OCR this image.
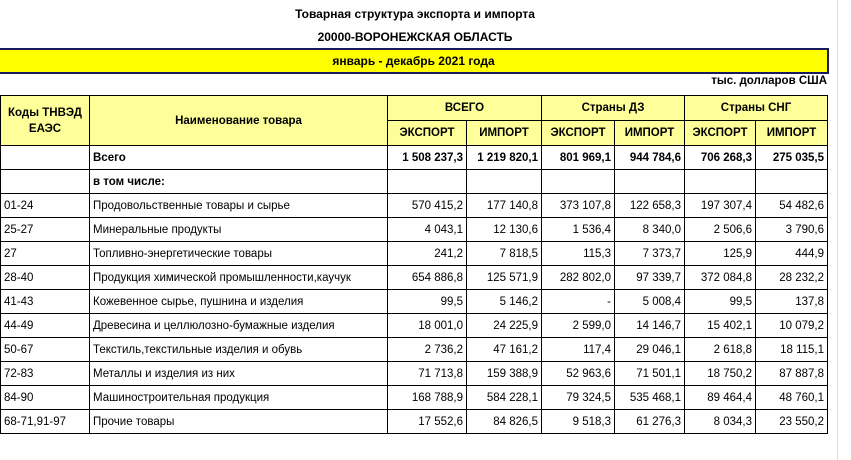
Товарная структура экспорта и импорта
20000-ВОРОНЕЖСКАЯ ОБЛАСТЬ
январь - декабрь 2021 года
тыс. долларов США
Коды ТНВЭД ЕАЭС	Наименование товара	ВСЕГО		Страны ДЗ		Страны СНГ	
		ЭКСПОРТ	ИМПОРТ	ЭКСПОРТ	ИМПОРТ	ЭКСПОРТ	ИМПОРТ
	Всего	1 508 237,3	1 219 820,1	801 969,1	944 784,6	706 268,3	275 035,5
	в том числе:						
01-24	Продовольственные товары и сырье	570 415,2	177 140,8	373 107,8	122 658,3	197 307,4	54 482,6
25-27	Минеральные продукты	4 043,1	12 130,6	1 536,4	8 340,0	2 506,6	3 790,6
27	Топливно-энергетические товары	241,2	7 818,5	115,3	7 373,7	125,9	444,9
28-40	Продукция химической промышленности,каучук	654 886,8	125 571,9	282 802,0	97 339,7	372 084,8	28 232,2
41-43	Кожевенное сырье, пушнина и изделия	99,5	5 146,2	-	5 008,4	99,5	137,8
44-49	Древесина и целлюлозно-бумажные изделия	18 001,0	24 225,9	2 599,0	14 146,7	15 402,1	10 079,2
50-67	Текстиль,текстильные изделия и обувь	2 736,2	47 161,2	117,4	29 046,1	2 618,8	18 115,1
72-83	Металлы и изделия из них	71 713,8	159 388,9	52 963,6	71 501,1	18 750,2	87 887,8
84-90	Машиностроительная продукция	168 788,9	584 228,1	79 324,5	535 468,1	89 464,4	48 760,1
68-71,91-97	Прочие товары	17 552,6	84 826,5	9 518,3	61 276,3	8 034,3	23 550,2
